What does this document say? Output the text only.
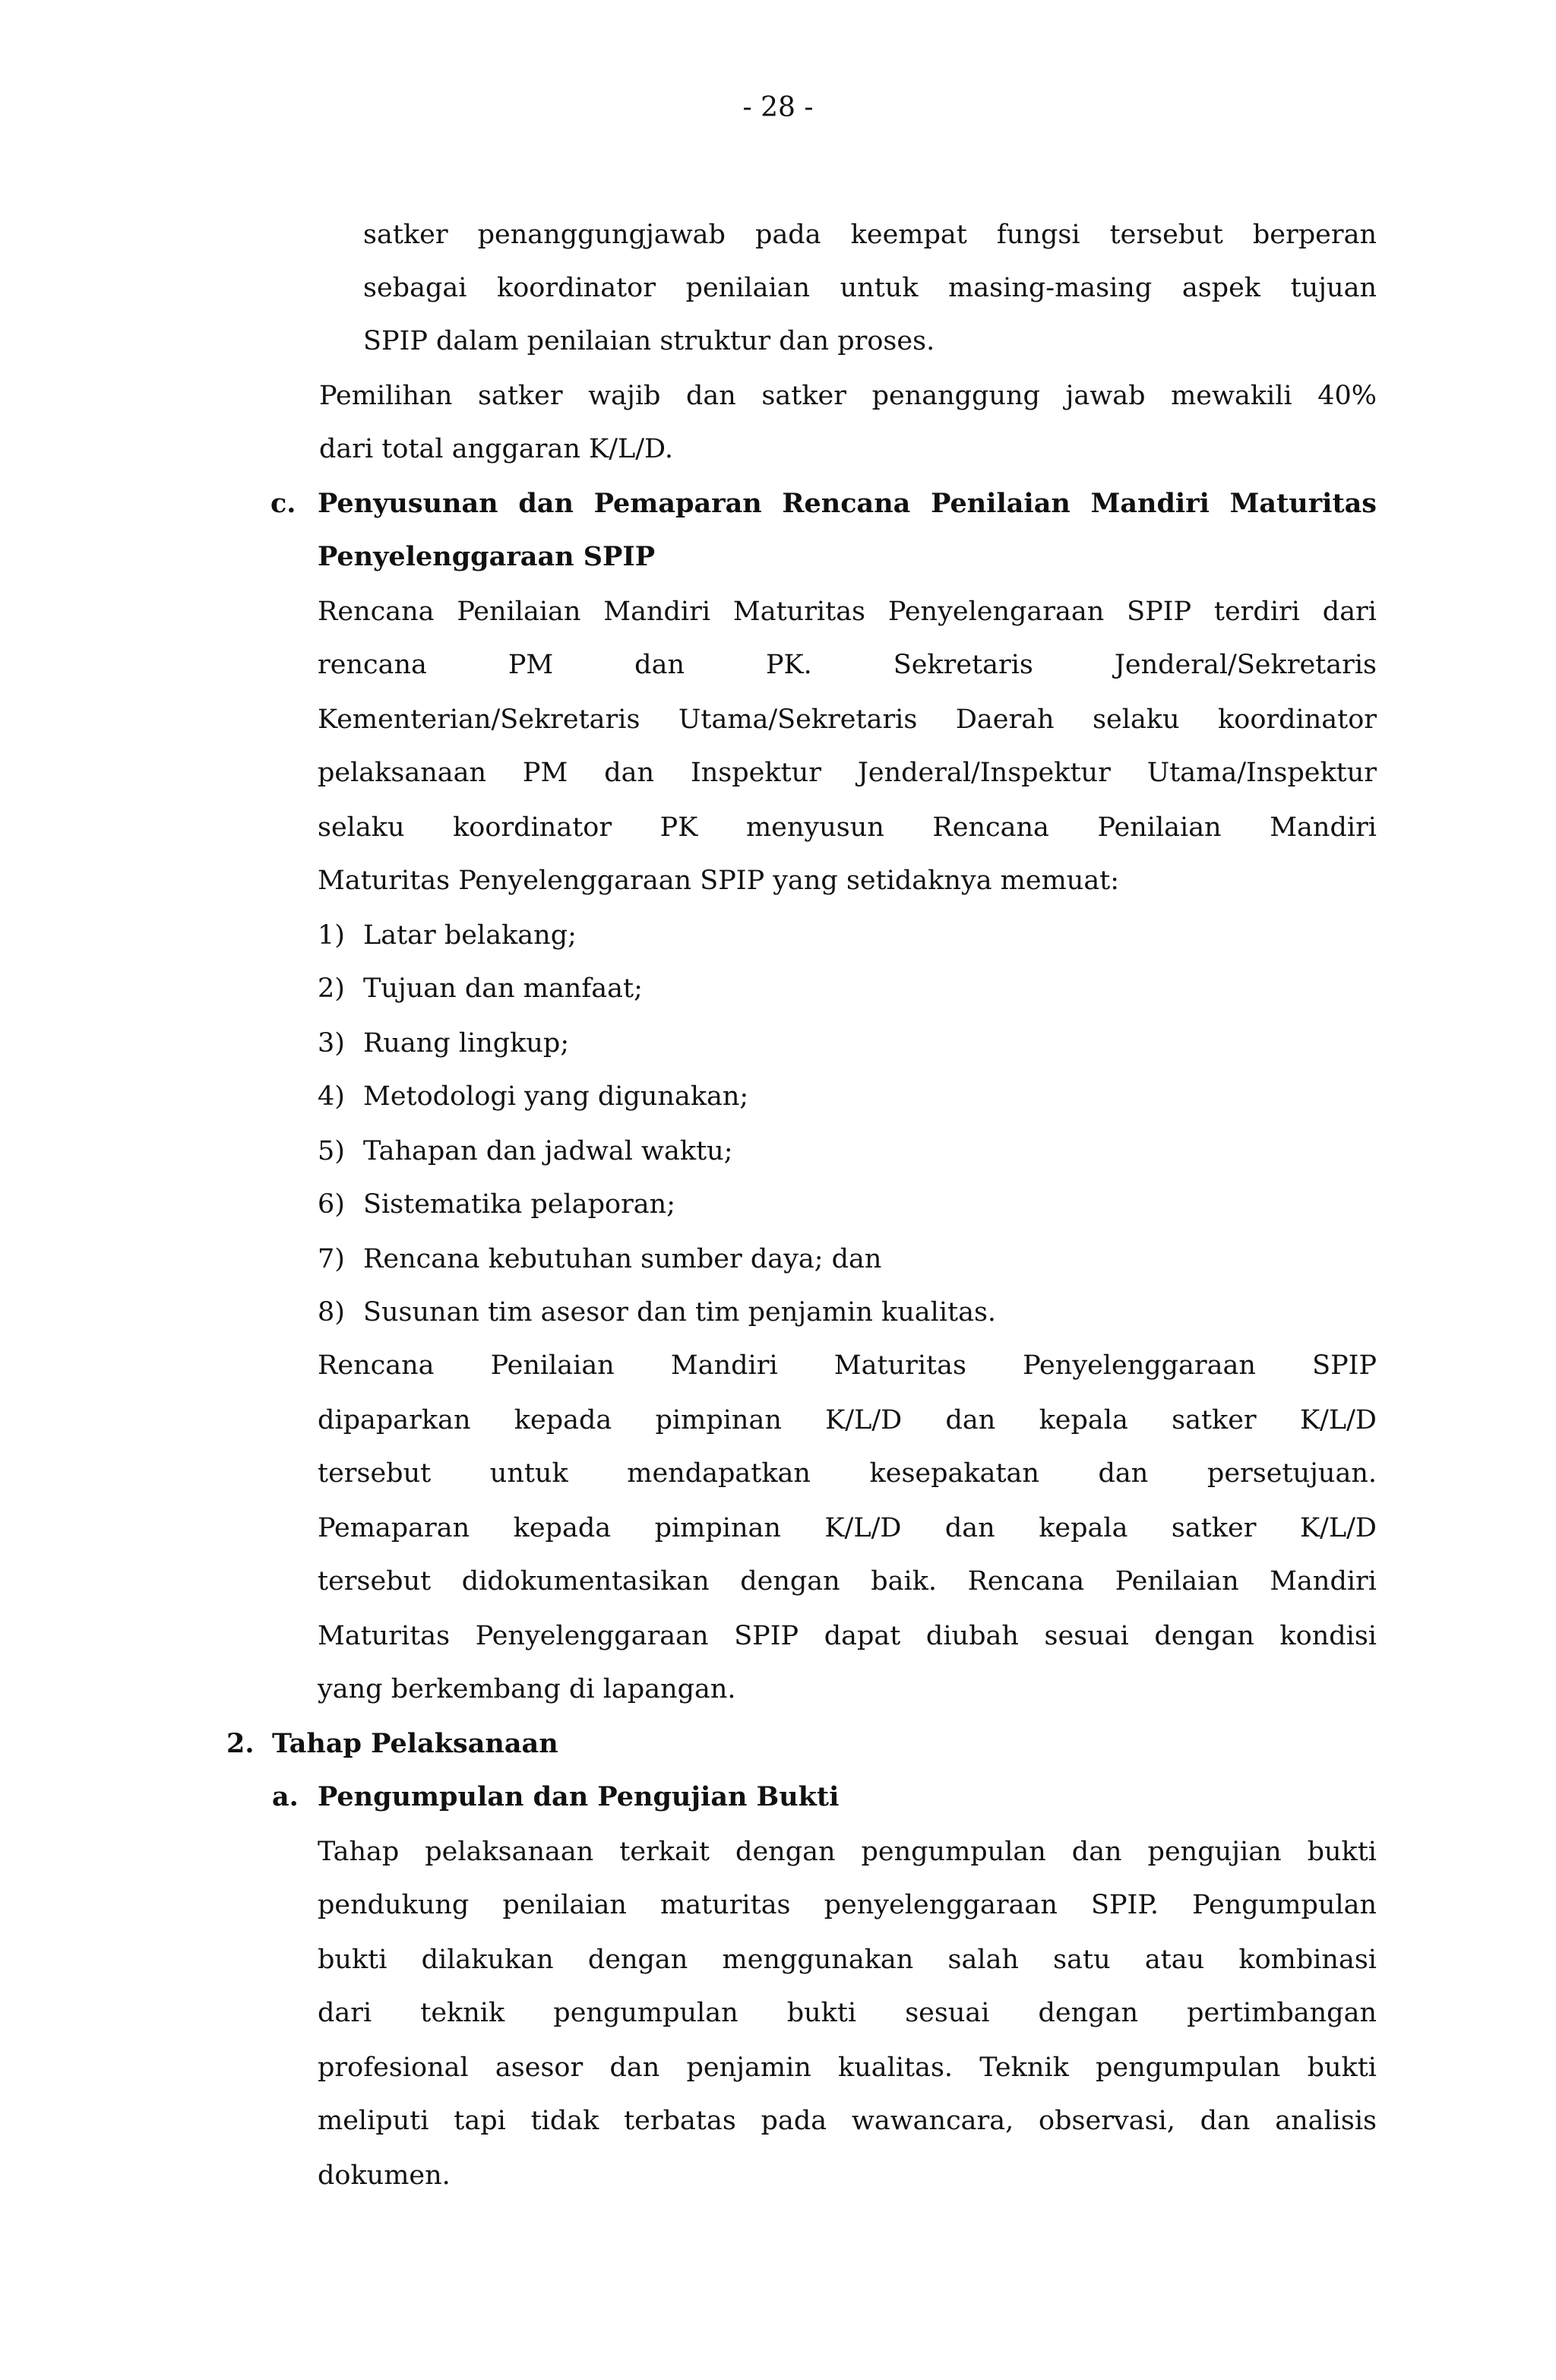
- 28 -
satker penanggungjawab pada keempat fungsi tersebut berperan
sebagai koordinator penilaian untuk masing-masing aspek tujuan
SPIP dalam penilaian struktur dan proses.
Pemilihan satker wajib dan satker penanggung jawab mewakili 40%
dari total anggaran K/L/D.
c. Penyusunan dan Pemaparan Rencana Penilaian Mandiri Maturitas
Penyelenggaraan SPIP
Rencana Penilaian Mandiri Maturitas Penyelengaraan SPIP terdiri dari
rencana PM dan PK. Sekretaris Jenderal/Sekretaris
Kementerian/Sekretaris Utama/Sekretaris Daerah selaku koordinator
pelaksanaan PM dan Inspektur Jenderal/Inspektur Utama/Inspektur
selaku koordinator PK menyusun Rencana Penilaian Mandiri
Maturitas Penyelenggaraan SPIP yang setidaknya memuat:
1) Latar belakang;
2) Tujuan dan manfaat;
3) Ruang lingkup;
4) Metodologi yang digunakan;
5) Tahapan dan jadwal waktu;
6) Sistematika pelaporan;
7) Rencana kebutuhan sumber daya; dan
8) Susunan tim asesor dan tim penjamin kualitas.
Rencana Penilaian Mandiri Maturitas Penyelenggaraan SPIP
dipaparkan kepada pimpinan K/L/D dan kepala satker K/L/D
tersebut untuk mendapatkan kesepakatan dan persetujuan.
Pemaparan kepada pimpinan K/L/D dan kepala satker K/L/D
tersebut didokumentasikan dengan baik. Rencana Penilaian Mandiri
Maturitas Penyelenggaraan SPIP dapat diubah sesuai dengan kondisi
yang berkembang di lapangan.
2. Tahap Pelaksanaan
a. Pengumpulan dan Pengujian Bukti
Tahap pelaksanaan terkait dengan pengumpulan dan pengujian bukti
pendukung penilaian maturitas penyelenggaraan SPIP. Pengumpulan
bukti dilakukan dengan menggunakan salah satu atau kombinasi
dari teknik pengumpulan bukti sesuai dengan pertimbangan
profesional asesor dan penjamin kualitas. Teknik pengumpulan bukti
meliputi tapi tidak terbatas pada wawancara, observasi, dan analisis
dokumen.
